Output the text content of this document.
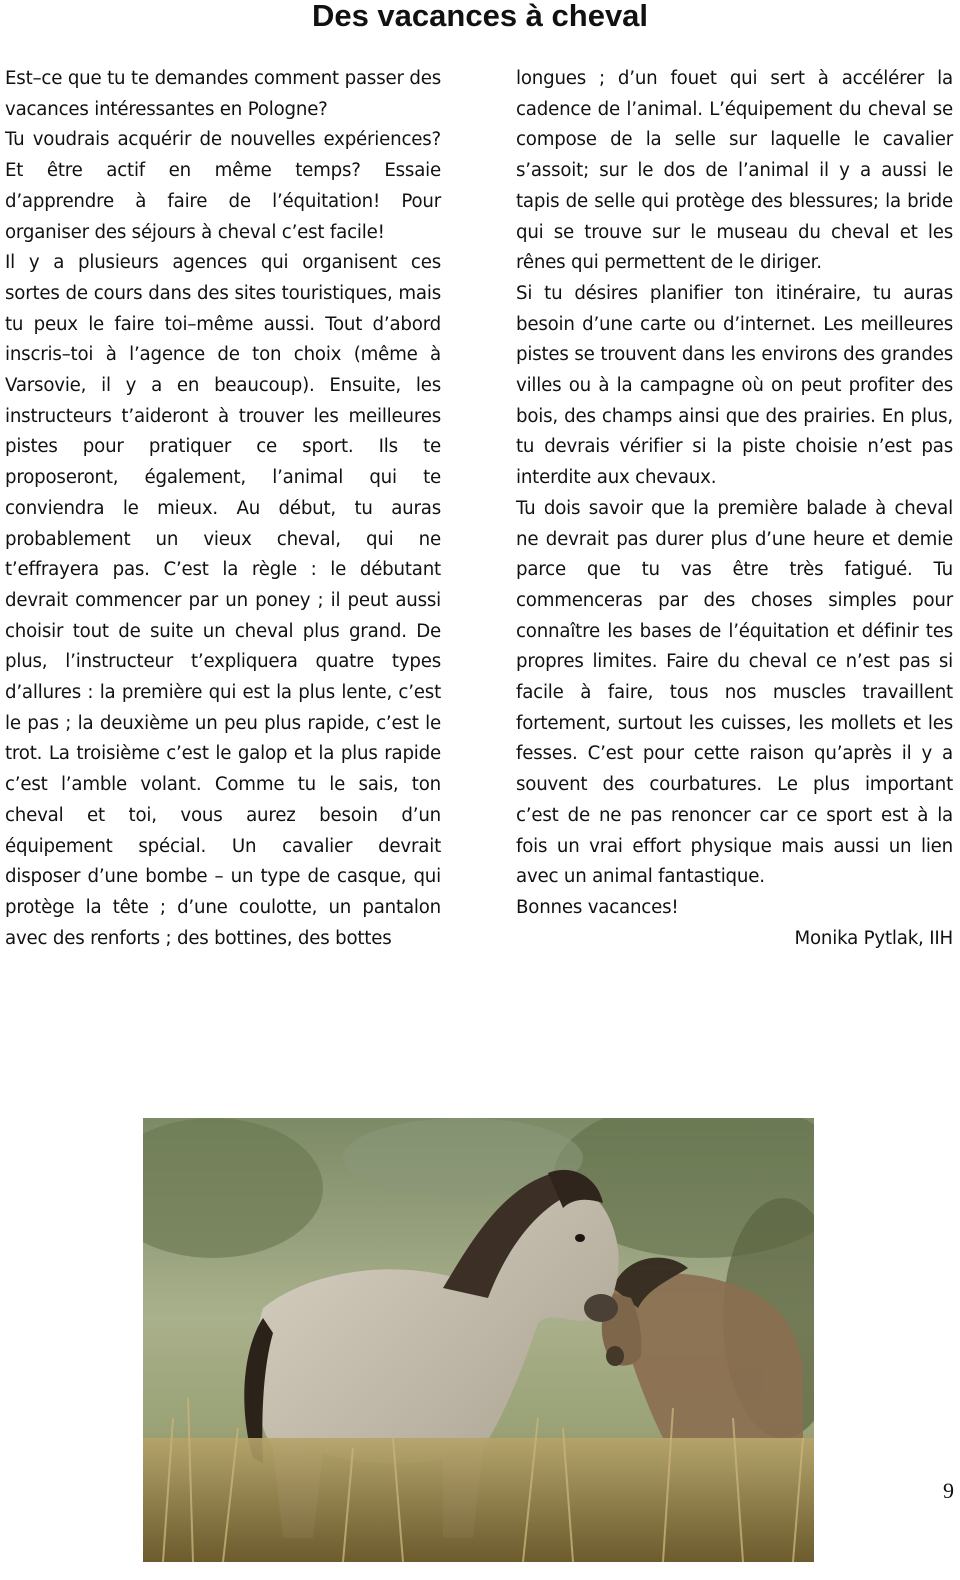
Des vacances à cheval

Est–ce que tu te demandes comment passer des vacances intéressantes en Pologne?

Tu voudrais acquérir de nouvelles expériences? Et être actif en même temps? Essaie d’apprendre à faire de l’équitation! Pour organiser des séjours à cheval c’est facile!

Il y a plusieurs agences qui organisent ces sortes de cours dans des sites touristiques, mais tu peux le faire toi–même aussi. Tout d’abord inscris–toi à l’agence de ton choix (même à Varsovie, il y a en beaucoup). Ensuite, les instructeurs t’aideront à trouver les meilleures pistes pour pratiquer ce sport. Ils te proposeront, également, l’animal qui te conviendra le mieux. Au début, tu auras probablement un vieux cheval, qui ne t’effrayera pas. C’est la règle : le débutant devrait commencer par un poney ; il peut aussi choisir tout de suite un cheval plus grand. De plus, l’instructeur t’expliquera quatre types d’allures : la première qui est la plus lente, c’est le pas ; la deuxième un peu plus rapide, c’est le trot. La troisième c’est le galop et la plus rapide c’est l’amble volant. Comme tu le sais, ton cheval et toi, vous aurez besoin d’un équipement spécial. Un cavalier devrait disposer d’une bombe – un type de casque, qui protège la tête ; d’une coulotte, un pantalon avec des renforts ; des bottines, des bottes

longues ; d’un fouet qui sert à accélérer la cadence de l’animal. L’équipement du cheval se compose de la selle sur laquelle le cavalier s’assoit; sur le dos de l’animal il y a aussi le tapis de selle qui protège des blessures; la bride qui se trouve sur le museau du cheval et les rênes qui permettent de le diriger.

Si tu désires planifier ton itinéraire, tu auras besoin d’une carte ou d’internet. Les meilleures pistes se trouvent dans les environs des grandes villes ou à la campagne où on peut profiter des bois, des champs ainsi que des prairies. En plus, tu devrais vérifier si la piste choisie n’est pas interdite aux chevaux.

Tu dois savoir que la première balade à cheval ne devrait pas durer plus d’une heure et demie parce que tu vas être très fatigué. Tu commenceras par des choses simples pour connaître les bases de l’équitation et définir tes propres limites. Faire du cheval ce n’est pas si facile à faire, tous nos muscles travaillent fortement, surtout les cuisses, les mollets et les fesses. C’est pour cette raison qu’après il y a souvent des courbatures. Le plus important c’est de ne pas renoncer car ce sport est à la fois un vrai effort physique mais aussi un lien avec un animal fantastique.

Bonnes vacances!

Monika Pytlak, IIH

9
